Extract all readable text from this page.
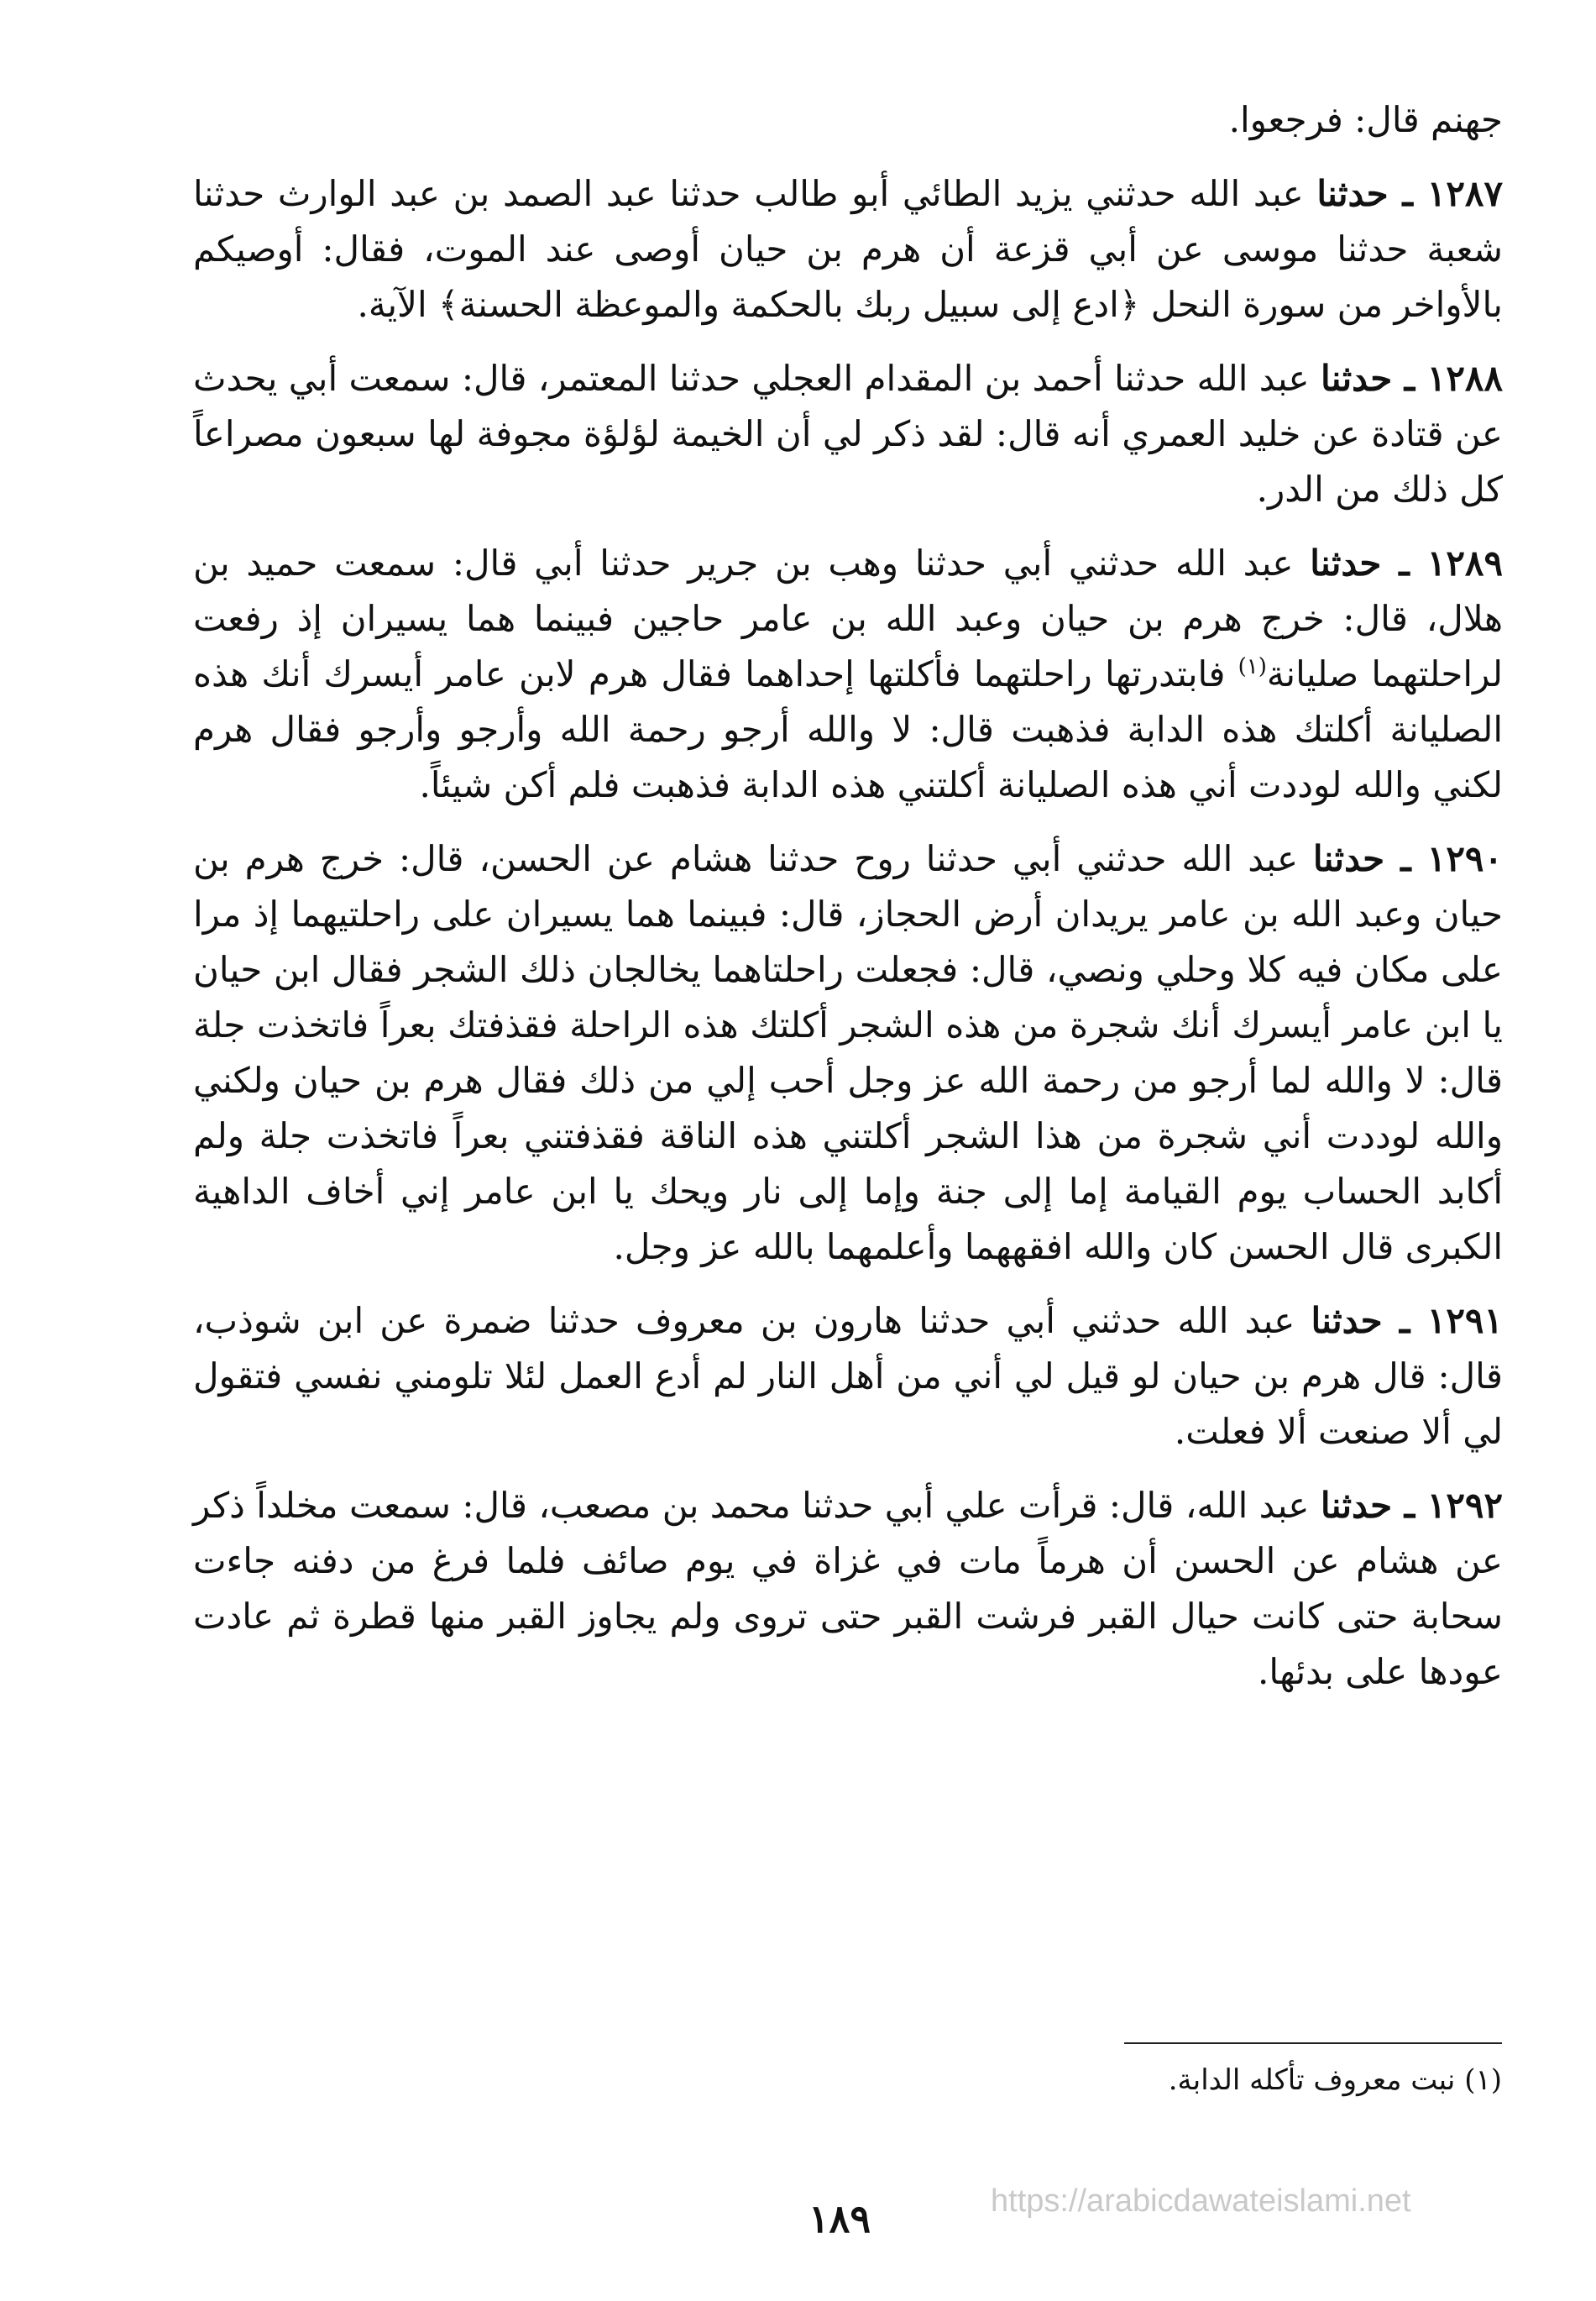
جهنم قال: فرجعوا.

١٢٨٧ ـ حدثنا عبد الله حدثني يزيد الطائي أبو طالب حدثنا عبد الصمد بن عبد الوارث حدثنا شعبة حدثنا موسى عن أبي قزعة أن هرم بن حيان أوصى عند الموت، فقال: أوصيكم بالأواخر من سورة النحل ﴿ادع إلى سبيل ربك بالحكمة والموعظة الحسنة﴾ الآية.

١٢٨٨ ـ حدثنا عبد الله حدثنا أحمد بن المقدام العجلي حدثنا المعتمر، قال: سمعت أبي يحدث عن قتادة عن خليد العمري أنه قال: لقد ذكر لي أن الخيمة لؤلؤة مجوفة لها سبعون مصراعاً كل ذلك من الدر.

١٢٨٩ ـ حدثنا عبد الله حدثني أبي حدثنا وهب بن جرير حدثنا أبي قال: سمعت حميد بن هلال، قال: خرج هرم بن حيان وعبد الله بن عامر حاجين فبينما هما يسيران إذ رفعت لراحلتهما صليانة$^{(١)}$ فابتدرتها راحلتهما فأكلتها إحداهما فقال هرم لابن عامر أيسرك أنك هذه الصليانة أكلتك هذه الدابة فذهبت قال: لا والله أرجو رحمة الله وأرجو وأرجو فقال هرم لكني والله لوددت أني هذه الصليانة أكلتني هذه الدابة فذهبت فلم أكن شيئاً.

١٢٩٠ ـ حدثنا عبد الله حدثني أبي حدثنا روح حدثنا هشام عن الحسن، قال: خرج هرم بن حيان وعبد الله بن عامر يريدان أرض الحجاز، قال: فبينما هما يسيران على راحلتيهما إذ مرا على مكان فيه كلا وحلي ونصي، قال: فجعلت راحلتاهما يخالجان ذلك الشجر فقال ابن حيان يا ابن عامر أيسرك أنك شجرة من هذه الشجر أكلتك هذه الراحلة فقذفتك بعراً فاتخذت جلة قال: لا والله لما أرجو من رحمة الله عز وجل أحب إلي من ذلك فقال هرم بن حيان ولكني والله لوددت أني شجرة من هذا الشجر أكلتني هذه الناقة فقذفتني بعراً فاتخذت جلة ولم أكابد الحساب يوم القيامة إما إلى جنة وإما إلى نار ويحك يا ابن عامر إني أخاف الداهية الكبرى قال الحسن كان والله افقههما وأعلمهما بالله عز وجل.

١٢٩١ ـ حدثنا عبد الله حدثني أبي حدثنا هارون بن معروف حدثنا ضمرة عن ابن شوذب، قال: قال هرم بن حيان لو قيل لي أني من أهل النار لم أدع العمل لئلا تلومني نفسي فتقول لي ألا صنعت ألا فعلت.

١٢٩٢ ـ حدثنا عبد الله، قال: قرأت علي أبي حدثنا محمد بن مصعب، قال: سمعت مخلداً ذكر عن هشام عن الحسن أن هرماً مات في غزاة في يوم صائف فلما فرغ من دفنه جاءت سحابة حتى كانت حيال القبر فرشت القبر حتى تروى ولم يجاوز القبر منها قطرة ثم عادت عودها على بدئها.

(١) نبت معروف تأكله الدابة.
١٨٩	https://arabicdawateislami.net
